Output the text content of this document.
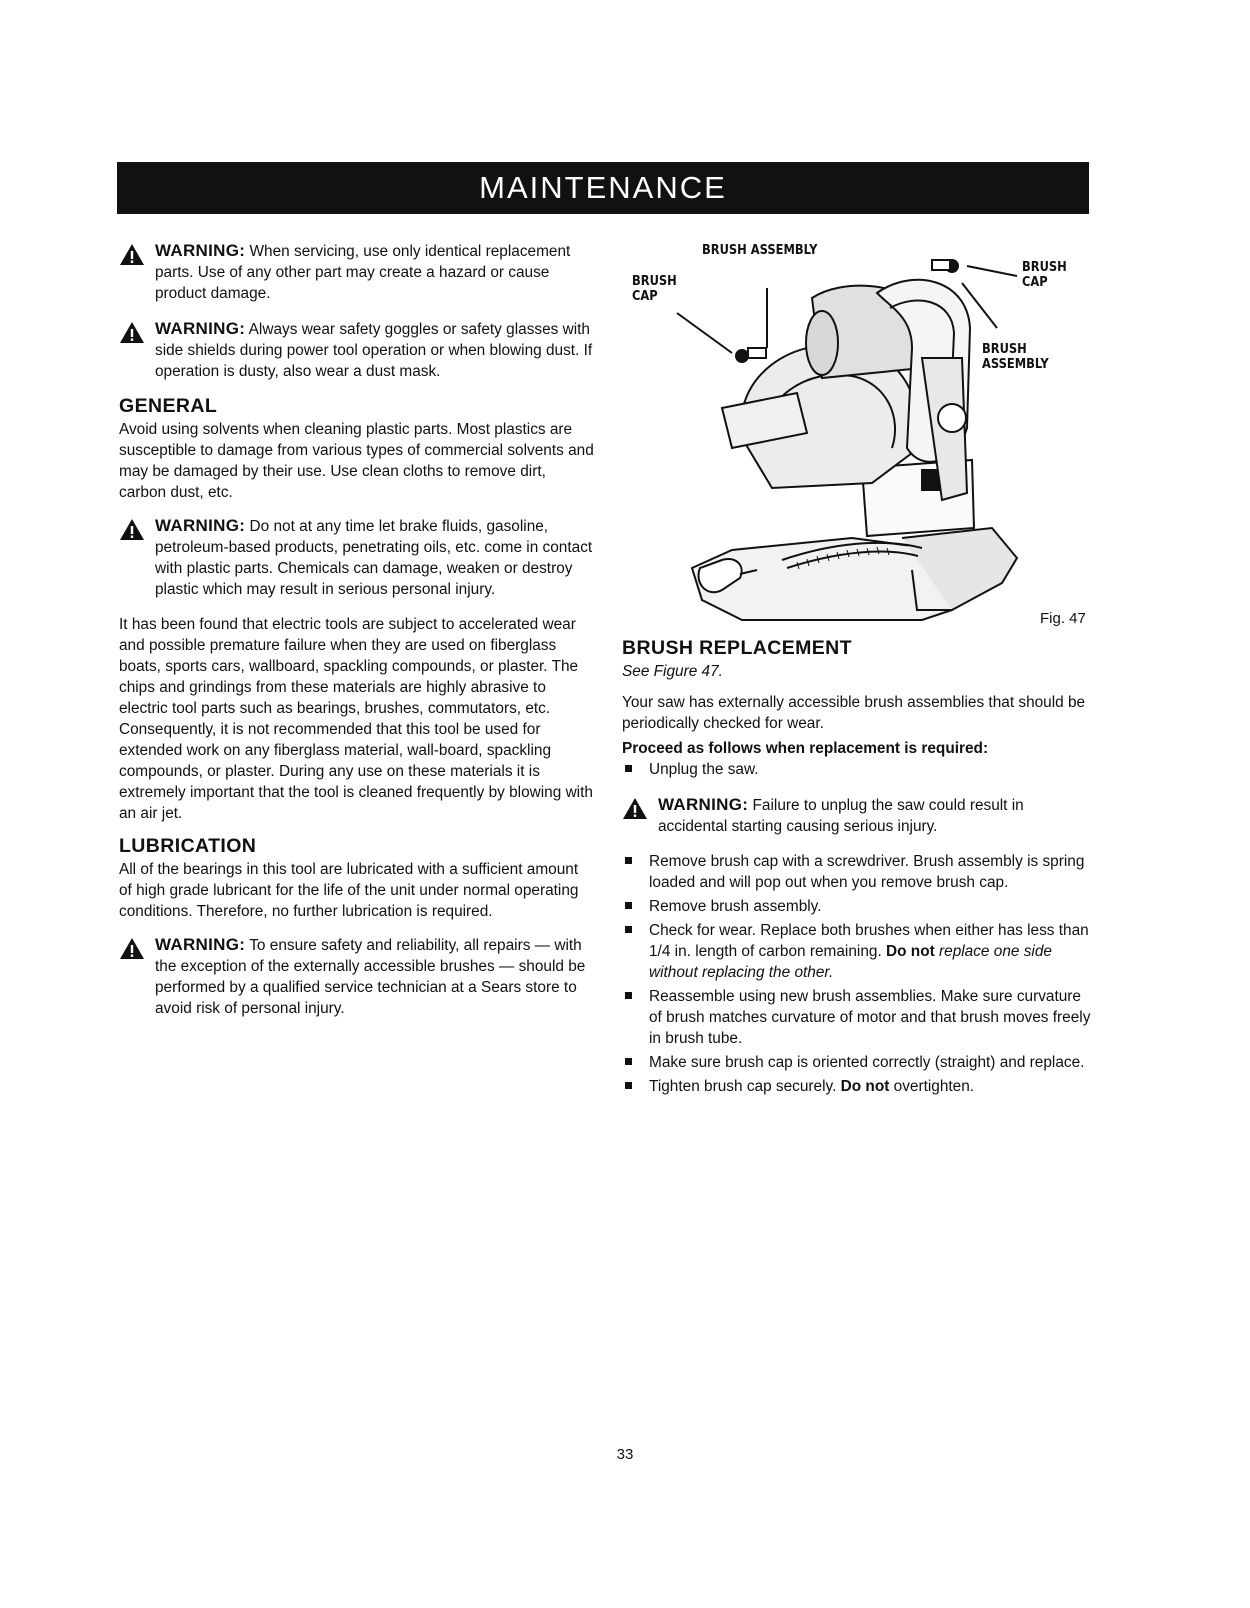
MAINTENANCE
WARNING: When servicing, use only identical replacement parts. Use of any other part may create a hazard or cause product damage.
WARNING: Always wear safety goggles or safety glasses with side shields during power tool operation or when blowing dust. If operation is dusty, also wear a dust mask.
GENERAL

Avoid using solvents when cleaning plastic parts. Most plastics are susceptible to damage from various types of commercial solvents and may be damaged by their use. Use clean cloths to remove dirt, carbon dust, etc.

WARNING: Do not at any time let brake fluids, gasoline, petroleum-based products, penetrating oils, etc. come in contact with plastic parts. Chemicals can damage, weaken or destroy plastic which may result in serious personal injury.

It has been found that electric tools are subject to accelerated wear and possible premature failure when they are used on fiberglass boats, sports cars, wallboard, spackling compounds, or plaster. The chips and grindings from these materials are highly abrasive to electric tool parts such as bearings, brushes, commutators, etc. Consequently, it is not recommended that this tool be used for extended work on any fiberglass material, wall-board, spackling compounds, or plaster. During any use on these materials it is extremely important that the tool is cleaned frequently by blowing with an air jet.

LUBRICATION

All of the bearings in this tool are lubricated with a sufficient amount of high grade lubricant for the life of the unit under normal operating conditions. Therefore, no further lubrication is required.

WARNING: To ensure safety and reliability, all repairs — with the exception of the externally accessible brushes — should be performed by a qualified service technician at a Sears store to avoid risk of personal injury.
BRUSH ASSEMBLY
BRUSH CAP
BRUSH CAP
BRUSH ASSEMBLY
Fig. 47
BRUSH REPLACEMENT
See Figure 47.

Your saw has externally accessible brush assemblies that should be periodically checked for wear.

Proceed as follows when replacement is required:
Unplug the saw.
WARNING: Failure to unplug the saw could result in accidental starting causing serious injury.
Remove brush cap with a screwdriver. Brush assembly is spring loaded and will pop out when you remove brush cap.
Remove brush assembly.
Check for wear. Replace both brushes when either has less than 1/4 in. length of carbon remaining. Do not replace one side without replacing the other.
Reassemble using new brush assemblies. Make sure curvature of brush matches curvature of motor and that brush moves freely in brush tube.
Make sure brush cap is oriented correctly (straight) and replace.
Tighten brush cap securely. Do not overtighten.
33
